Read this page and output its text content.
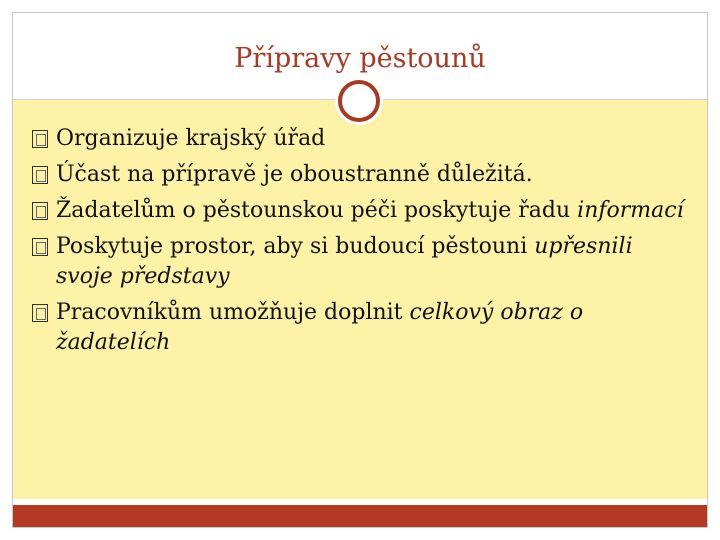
Přípravy pěstounů
Organizuje krajský úřad
Účast na přípravě je oboustranně důležitá.
Žadatelům o pěstounskou péči poskytuje řadu informací
Poskytuje prostor, aby si budoucí pěstouni upřesnili svoje představy
Pracovníkům umožňuje doplnit celkový obraz o žadatelích
